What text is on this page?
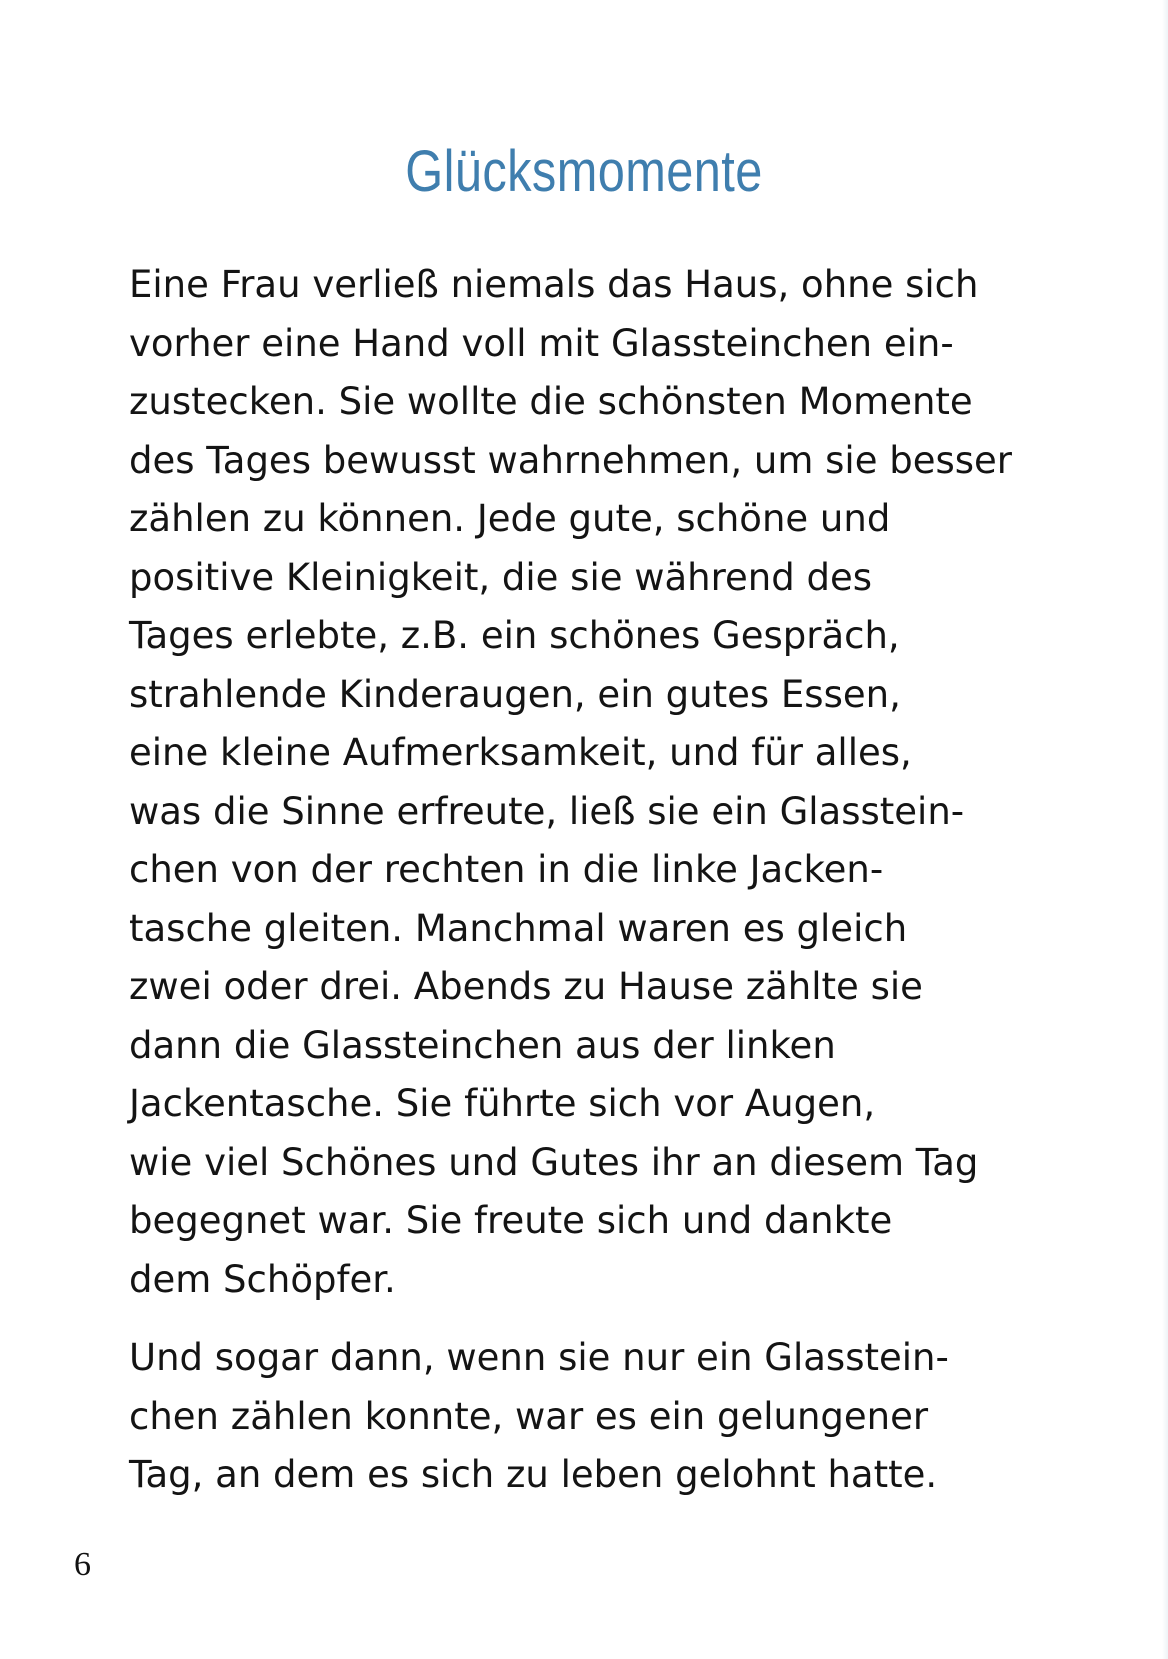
Glücksmomente
Eine Frau verließ niemals das Haus, ohne sich
vorher eine Hand voll mit Glassteinchen ein-
zustecken. Sie wollte die schönsten Momente
des Tages bewusst wahrnehmen, um sie besser
zählen zu können. Jede gute, schöne und
positive Kleinigkeit, die sie während des
Tages erlebte, z.B. ein schönes Gespräch,
strahlende Kinderaugen, ein gutes Essen,
eine kleine Aufmerksamkeit, und für alles,
was die Sinne erfreute, ließ sie ein Glasstein-
chen von der rechten in die linke Jacken-
tasche gleiten. Manchmal waren es gleich
zwei oder drei. Abends zu Hause zählte sie
dann die Glassteinchen aus der linken
Jackentasche. Sie führte sich vor Augen,
wie viel Schönes und Gutes ihr an diesem Tag
begegnet war. Sie freute sich und dankte
dem Schöpfer.
Und sogar dann, wenn sie nur ein Glasstein-
chen zählen konnte, war es ein gelungener
Tag, an dem es sich zu leben gelohnt hatte.
6
